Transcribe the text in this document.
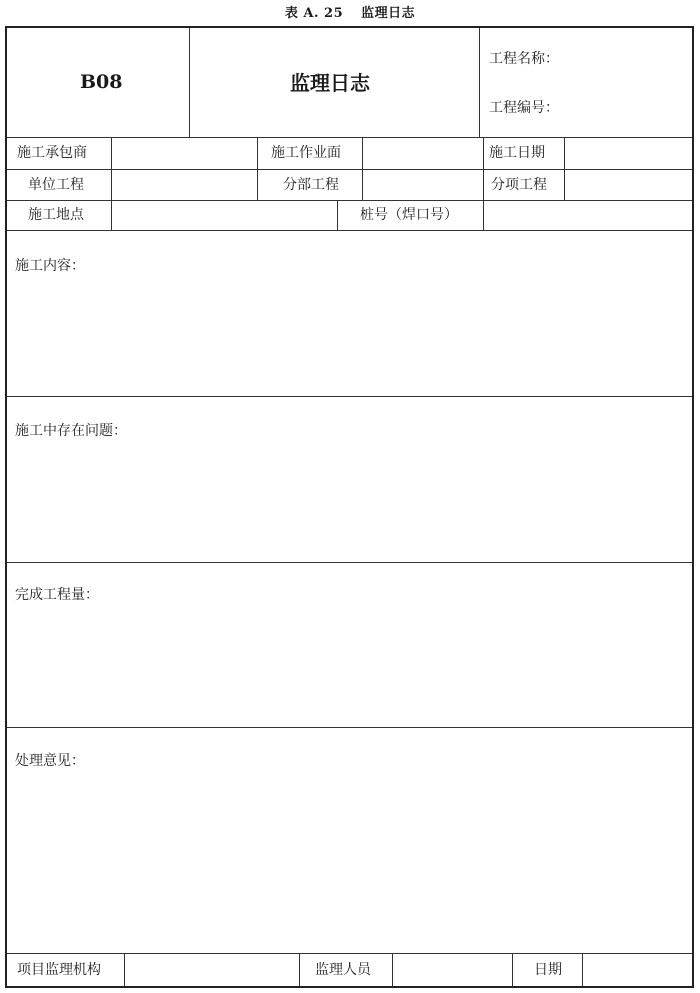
表 A. 25 监理日志
B08	监理日志
工程名称：
工程编号：
施工承包商	施工作业面	施工日期
单位工程	分部工程	分项工程
施工地点	桩号（焊口号）
施工内容：
施工中存在问题：
完成工程量：
处理意见：
项目监理机构	监理人员	日期
